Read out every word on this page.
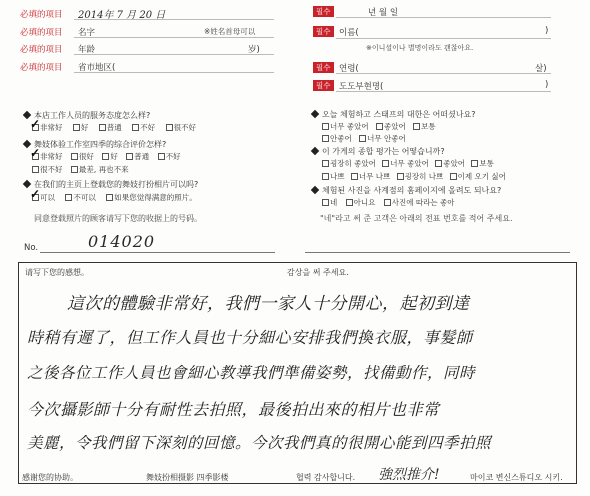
必填的项目 2014年 7 月 20 日
必填的项目 名字	※姓名首母可以
必填的项目 年龄	岁)
必填的项目 省市地区(
필수	년 월 일
필수	이름(	)
※이니셜이나 별명이라도 괜찮아요.
필수	연령(	살)
필수	도도부현명(	)
本店工作人员的服务态度怎么样?
非常好 好 普通 不好 很不好
✓
舞妓体验工作室四季的综合评价怎样?
非常好 很好 好 普通 不好
✓
很不好 最差, 再也不来
在我们的主页上登载您的舞妓打扮相片可以吗?
可以 不可以 如果您觉得满意的照片。
✓
同意登载照片的顾客请写下您的收据上的号码。
No.	014020
오늘 체험하고 스태프의 대한은 어떠셨나요?
너무 좋았어 좋았어 보통
안좋어 너무 안좋어
이 가게의 종합 평가는 어떻습니까?
굉장히 좋았어 너무 좋았어 좋았어 보통
나쁘 너무 나쁘 굉장히 나쁘 이제 오기 싫어
체험된 사진을 사계점의 홈페이지에 올려도 되나요?
네 아니요 사진에 따라는 좋아
"네"라고 써 준 고객은 아래의 전표 번호를 적어 주세요.
请写下您的感想。	감상을 써 주세요.
這次的體驗非常好，我們一家人十分開心，起初到達
時稍有遲了，但工作人員也十分細心安排我們換衣服，事髮師
之後各位工作人員也會細心教導我們準備姿勢，找備動作，同時
今次攝影師十分有耐性去拍照，最後拍出來的相片也非常
美麗，令我們留下深刻的回憶。今次我們真的很開心能到四季拍照
感谢您的协助。	舞妓扮相摄影 四季影楼	협력 감사합니다. 強烈推介!	마이코 변신스튜디오 시키.
